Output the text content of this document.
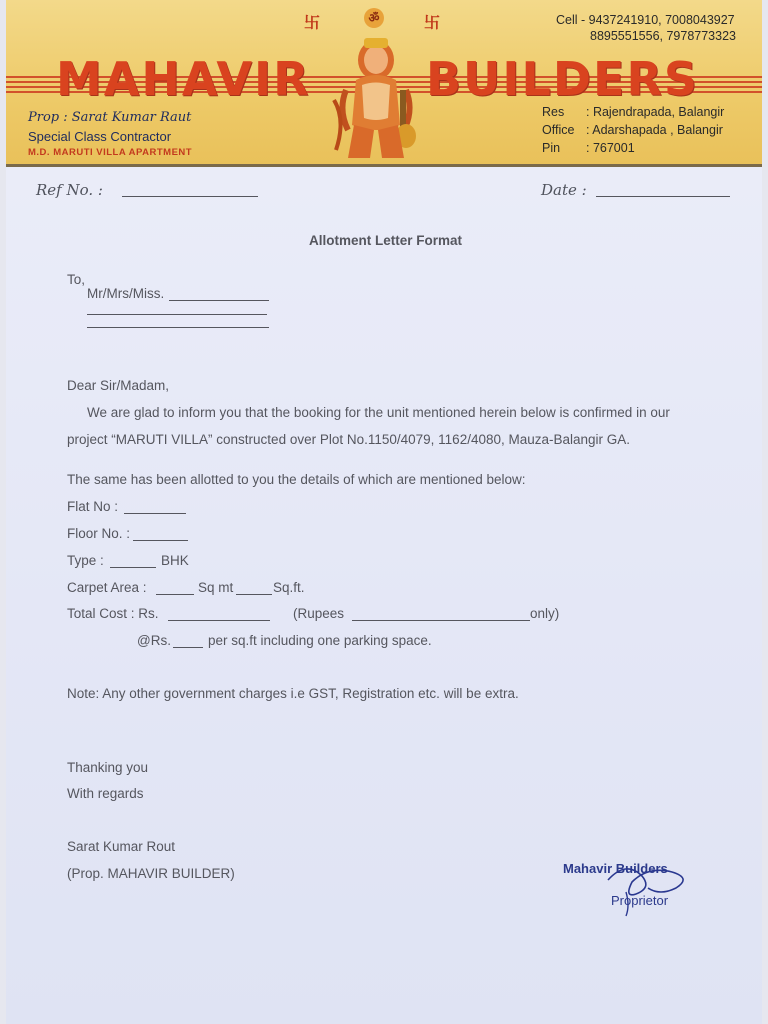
卐	ॐ	卐	Cell - 9437241910, 7008043927
8895551556, 7978773323
MAHAVIR	BUILDERS
Prop : Sarat Kumar Raut
Special Class Contractor
M.D. MARUTI VILLA APARTMENT
Res : Rajendrapada, Balangir
Office : Adarshapada , Balangir
Pin : 767001
Ref No. :	Date :
Allotment Letter Format
To,
Mr/Mrs/Miss.
Dear Sir/Madam,
We are glad to inform you that the booking for the unit mentioned herein below is confirmed in our
project “MARUTI VILLA” constructed over Plot No.1150/4079, 1162/4080, Mauza-Balangir GA.
The same has been allotted to you the details of which are mentioned below:
Flat No :
Floor No. :
Type :	BHK
Carpet Area :	Sq mt	Sq.ft.
Total Cost : Rs.	(Rupees	only)
@Rs.	per sq.ft including one parking space.
Note: Any other government charges i.e GST, Registration etc. will be extra.
Thanking you
With regards
Sarat Kumar Rout
(Prop. MAHAVIR BUILDER)	Mahavir Builders
Proprietor
